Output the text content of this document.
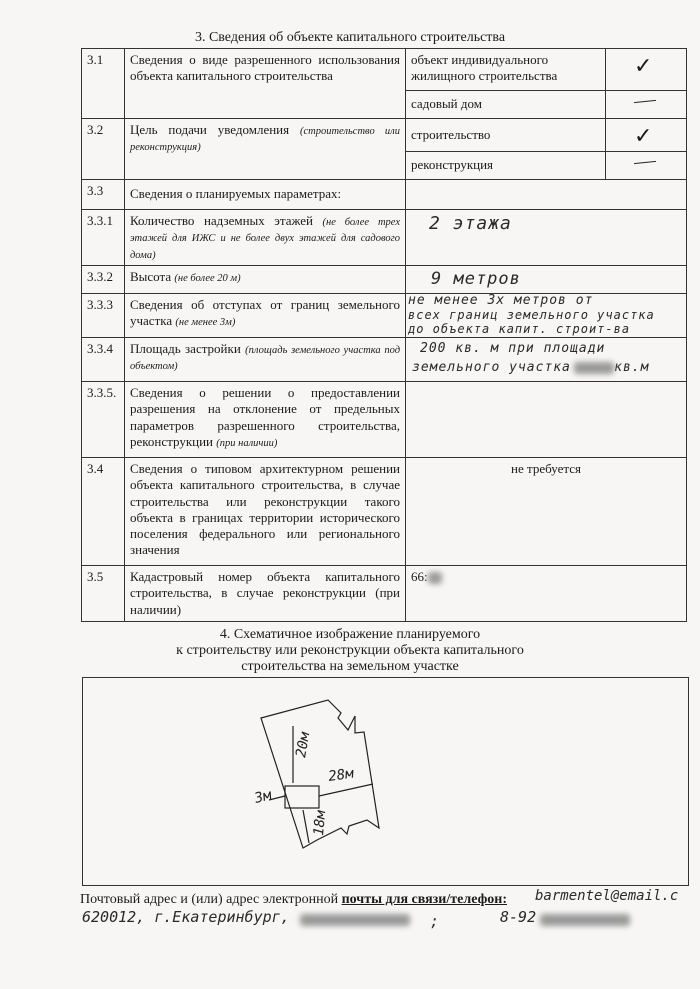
3. Сведения об объекте капитального строительства
3.1	Сведения о виде разрешенного использования объекта капитального строительства	объект индивидуального жилищного строительства	✓

		садовый дом	

3.2	Цель подачи уведомления (строительство или реконструкция)	строительство	✓

		реконструкция	

3.3	Сведения о планируемых параметрах:		
3.3.1	Количество надземных этажей (не более трех этажей для ИЖС и не более двух этажей для садового дома)	2 этажа	
3.3.2	Высота (не более 20 м)	9 метров	
3.3.3	Сведения об отступах от границ земельного участка (не менее 3м)	не менее 3х метров от
всех границ земельного участка
до объекта капит. строит-ва	

3.3.4	Площадь застройки (площадь земельного участка под объектом)	200 кв. м при площади
земельного участка кв.м	

3.3.5.	Сведения о решении о предоставлении разрешения на отклонение от предельных параметров разрешенного строительства, реконструкции (при наличии)		
3.4	Сведения о типовом архитектурном решении объекта капитального строительства, в случае строительства или реконструкции такого объекта в границах территории исторического поселения федерального или регионального значения	не требуется	
3.5	Кадастровый номер объекта капитального строительства, в случае реконструкции (при наличии)	66:	
4. Схематичное изображение планируемого
к строительству или реконструкции объекта капитального
строительства на земельном участке
20м
28м
3м
18м
Почтовый адрес и (или) адрес электронной почты для связи/телефон: barmentel@email.c
620012, г.Екатеринбург,	;	8-92
